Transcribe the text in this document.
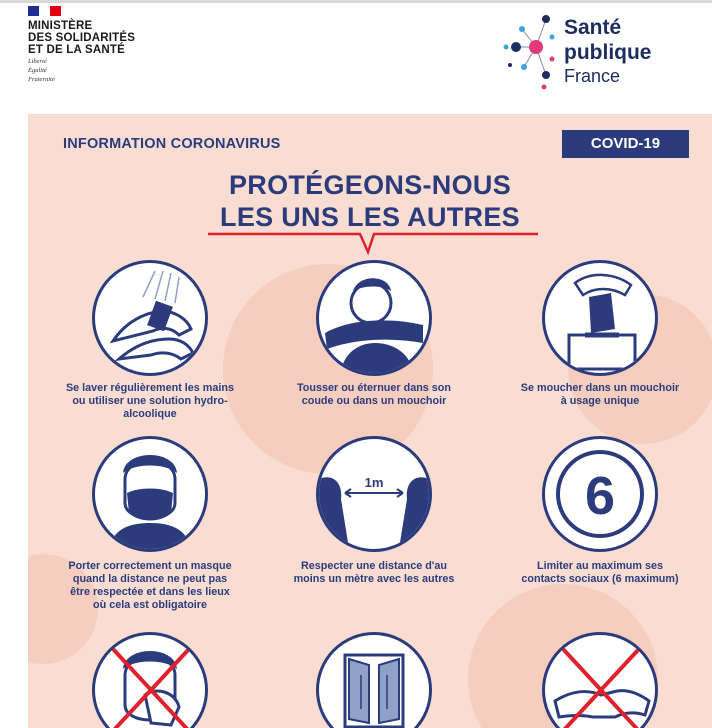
MINISTÈRE
DES SOLIDARITÉS
ET DE LA SANTÉ
Liberté
Égalité
Fraternité
Santé
publique
France
INFORMATION CORONAVIRUS	COVID-19
PROTÉGEONS-NOUS
LES UNS LES AUTRES
Se laver régulièrement les mains
ou utiliser une solution hydro-
alcoolique
Tousser ou éternuer dans son
coude ou dans un mouchoir
Se moucher dans un mouchoir
à usage unique
Porter correctement un masque
quand la distance ne peut pas
être respectée et dans les lieux
où cela est obligatoire
1m
Respecter une distance d'au
moins un mètre avec les autres
6
Limiter au maximum ses
contacts sociaux (6 maximum)
